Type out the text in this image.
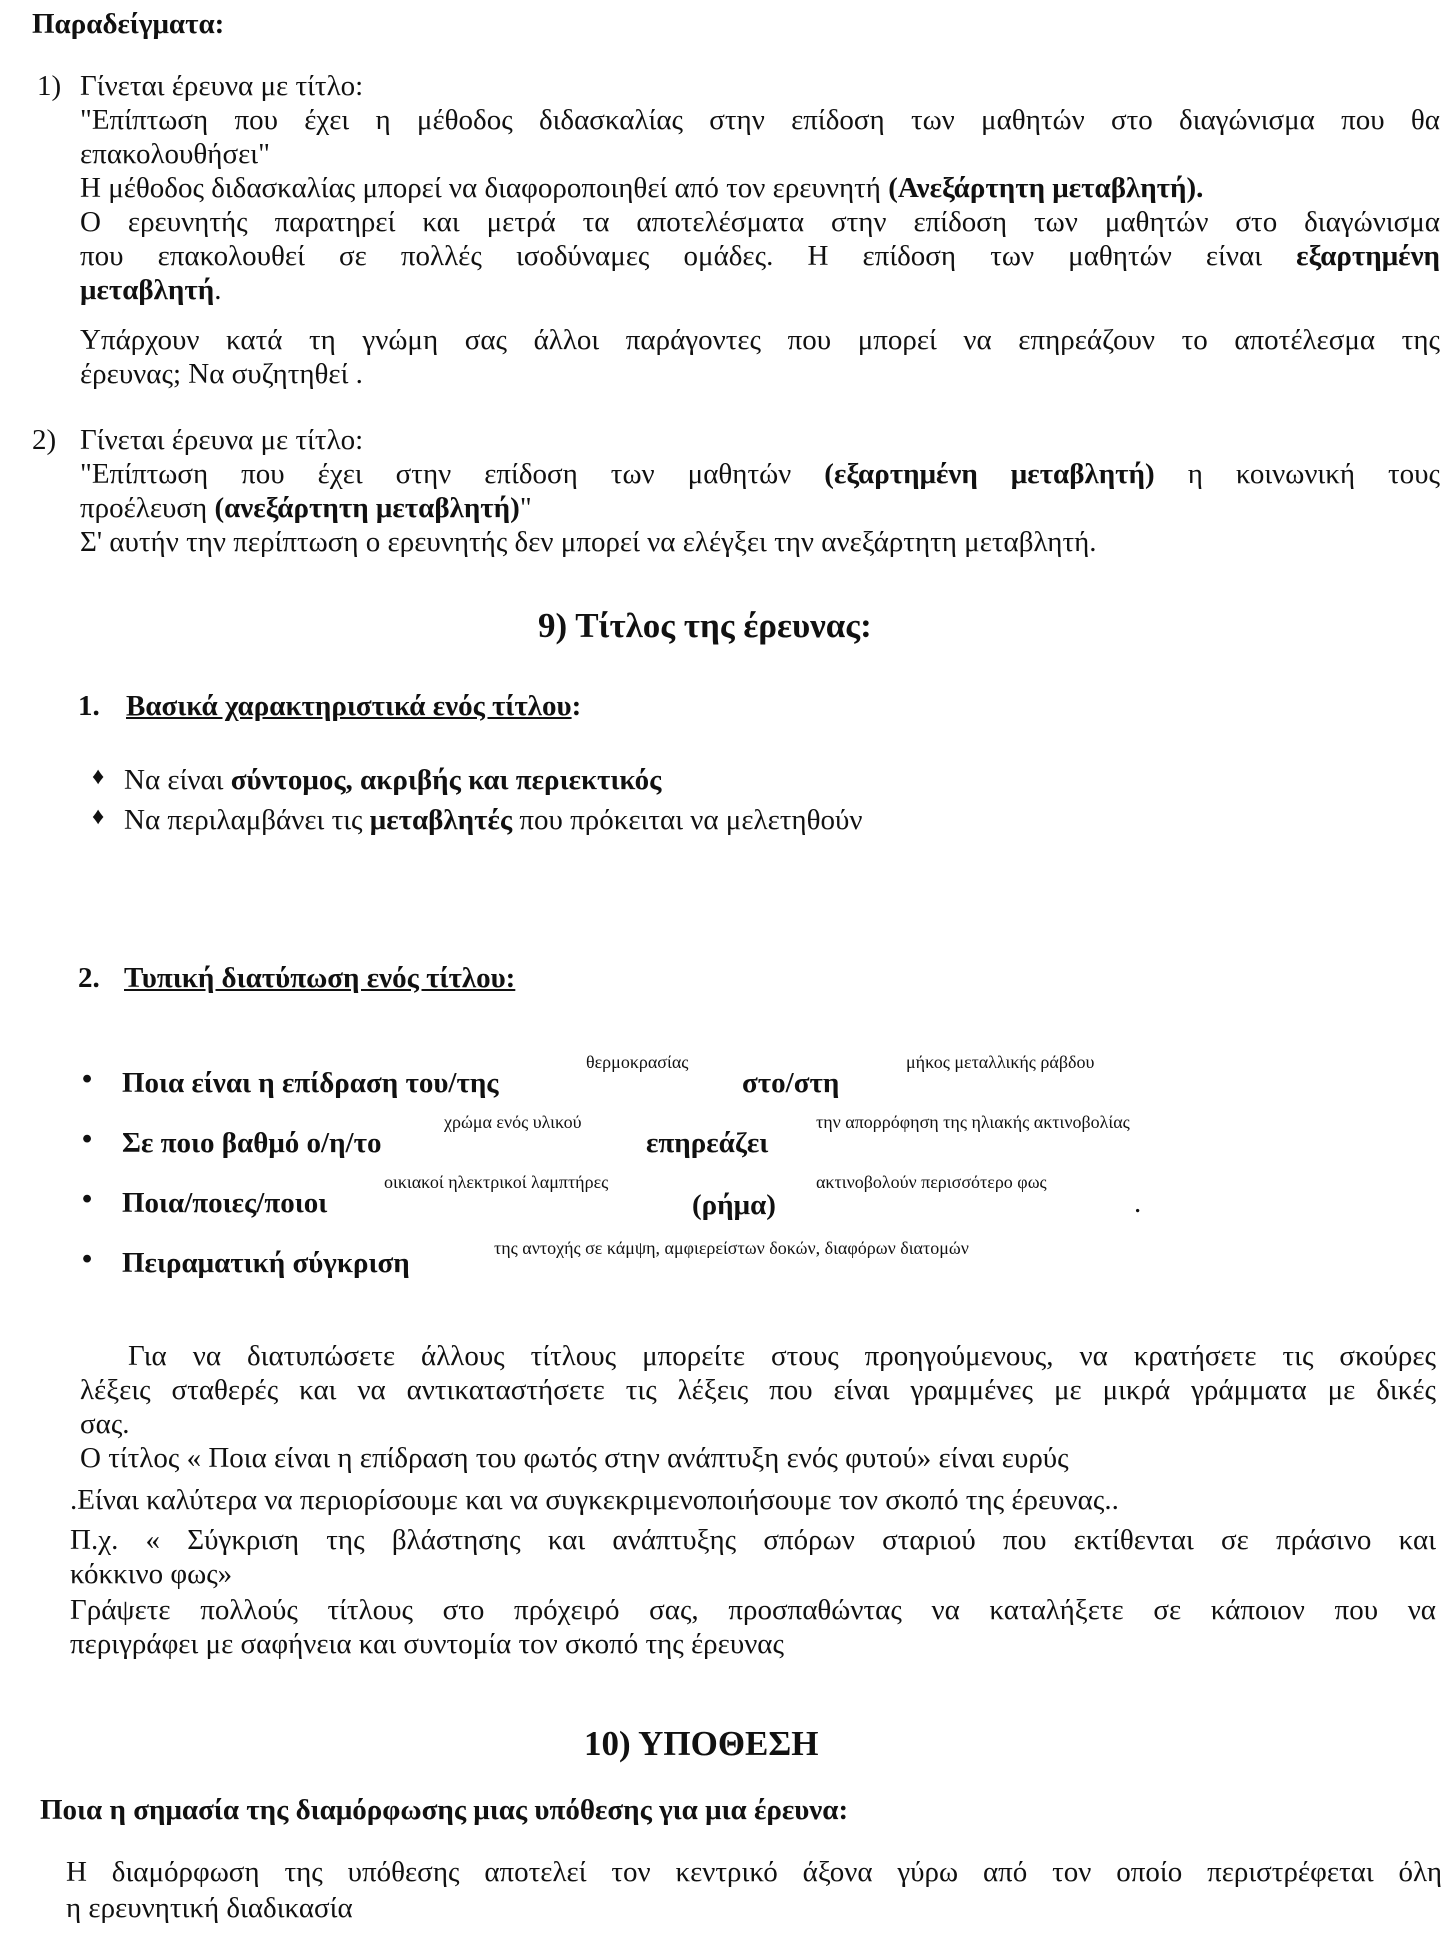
Παραδείγματα:
1) Γίνεται έρευνα με τίτλο:
"Επίπτωση που έχει η μέθοδος διδασκαλίας στην επίδοση των μαθητών στο διαγώνισμα που θα
επακολουθήσει"
Η μέθοδος διδασκαλίας μπορεί να διαφοροποιηθεί από τον ερευνητή (Ανεξάρτητη μεταβλητή).
Ο ερευνητής παρατηρεί και μετρά τα αποτελέσματα στην επίδοση των μαθητών στο διαγώνισμα
που επακολουθεί σε πολλές ισοδύναμες ομάδες. Η επίδοση των μαθητών είναι εξαρτημένη
μεταβλητή.
Υπάρχουν κατά τη γνώμη σας άλλοι παράγοντες που μπορεί να επηρεάζουν το αποτέλεσμα της
έρευνας; Να συζητηθεί .
2) Γίνεται έρευνα με τίτλο:
"Επίπτωση που έχει στην επίδοση των μαθητών (εξαρτημένη μεταβλητή) η κοινωνική τους
προέλευση (ανεξάρτητη μεταβλητή)"
Σ' αυτήν την περίπτωση ο ερευνητής δεν μπορεί να ελέγξει την ανεξάρτητη μεταβλητή.
9) Τίτλος της έρευνας:
1. Βασικά χαρακτηριστικά ενός τίτλου:
♦ Να είναι σύντομος, ακριβής και περιεκτικός
♦ Να περιλαμβάνει τις μεταβλητές που πρόκειται να μελετηθούν
2. Τυπική διατύπωση ενός τίτλου:
• Ποια είναι η επίδραση του/της
θερμοκρασίας
στο/στη
μήκος μεταλλικής ράβδου
• Σε ποιο βαθμό ο/η/το
χρώμα ενός υλικού
επηρεάζει
την απορρόφηση της ηλιακής ακτινοβολίας
• Ποια/ποιες/ποιοι
οικιακοί ηλεκτρικοί λαμπτήρες
(ρήμα)
ακτινοβολούν περισσότερο φως
.
• Πειραματική σύγκριση	της αντοχής σε κάμψη, αμφιερείστων δοκών, διαφόρων διατομών
Για να διατυπώσετε άλλους τίτλους μπορείτε στους προηγούμενους, να κρατήσετε τις σκούρες
λέξεις σταθερές και να αντικαταστήσετε τις λέξεις που είναι γραμμένες με μικρά γράμματα με δικές
σας.
Ο τίτλος « Ποια είναι η επίδραση του φωτός στην ανάπτυξη ενός φυτού» είναι ευρύς
.Είναι καλύτερα να περιορίσουμε και να συγκεκριμενοποιήσουμε τον σκοπό της έρευνας..
Π.χ. « Σύγκριση της βλάστησης και ανάπτυξης σπόρων σταριού που εκτίθενται σε πράσινο και
κόκκινο φως»
Γράψετε πολλούς τίτλους στο πρόχειρό σας, προσπαθώντας να καταλήξετε σε κάποιον που να
περιγράφει με σαφήνεια και συντομία τον σκοπό της έρευνας
10) ΥΠΟΘΕΣΗ
Ποια η σημασία της διαμόρφωσης μιας υπόθεσης για μια έρευνα:
Η διαμόρφωση της υπόθεσης αποτελεί τον κεντρικό άξονα γύρω από τον οποίο περιστρέφεται όλη
η ερευνητική διαδικασία
